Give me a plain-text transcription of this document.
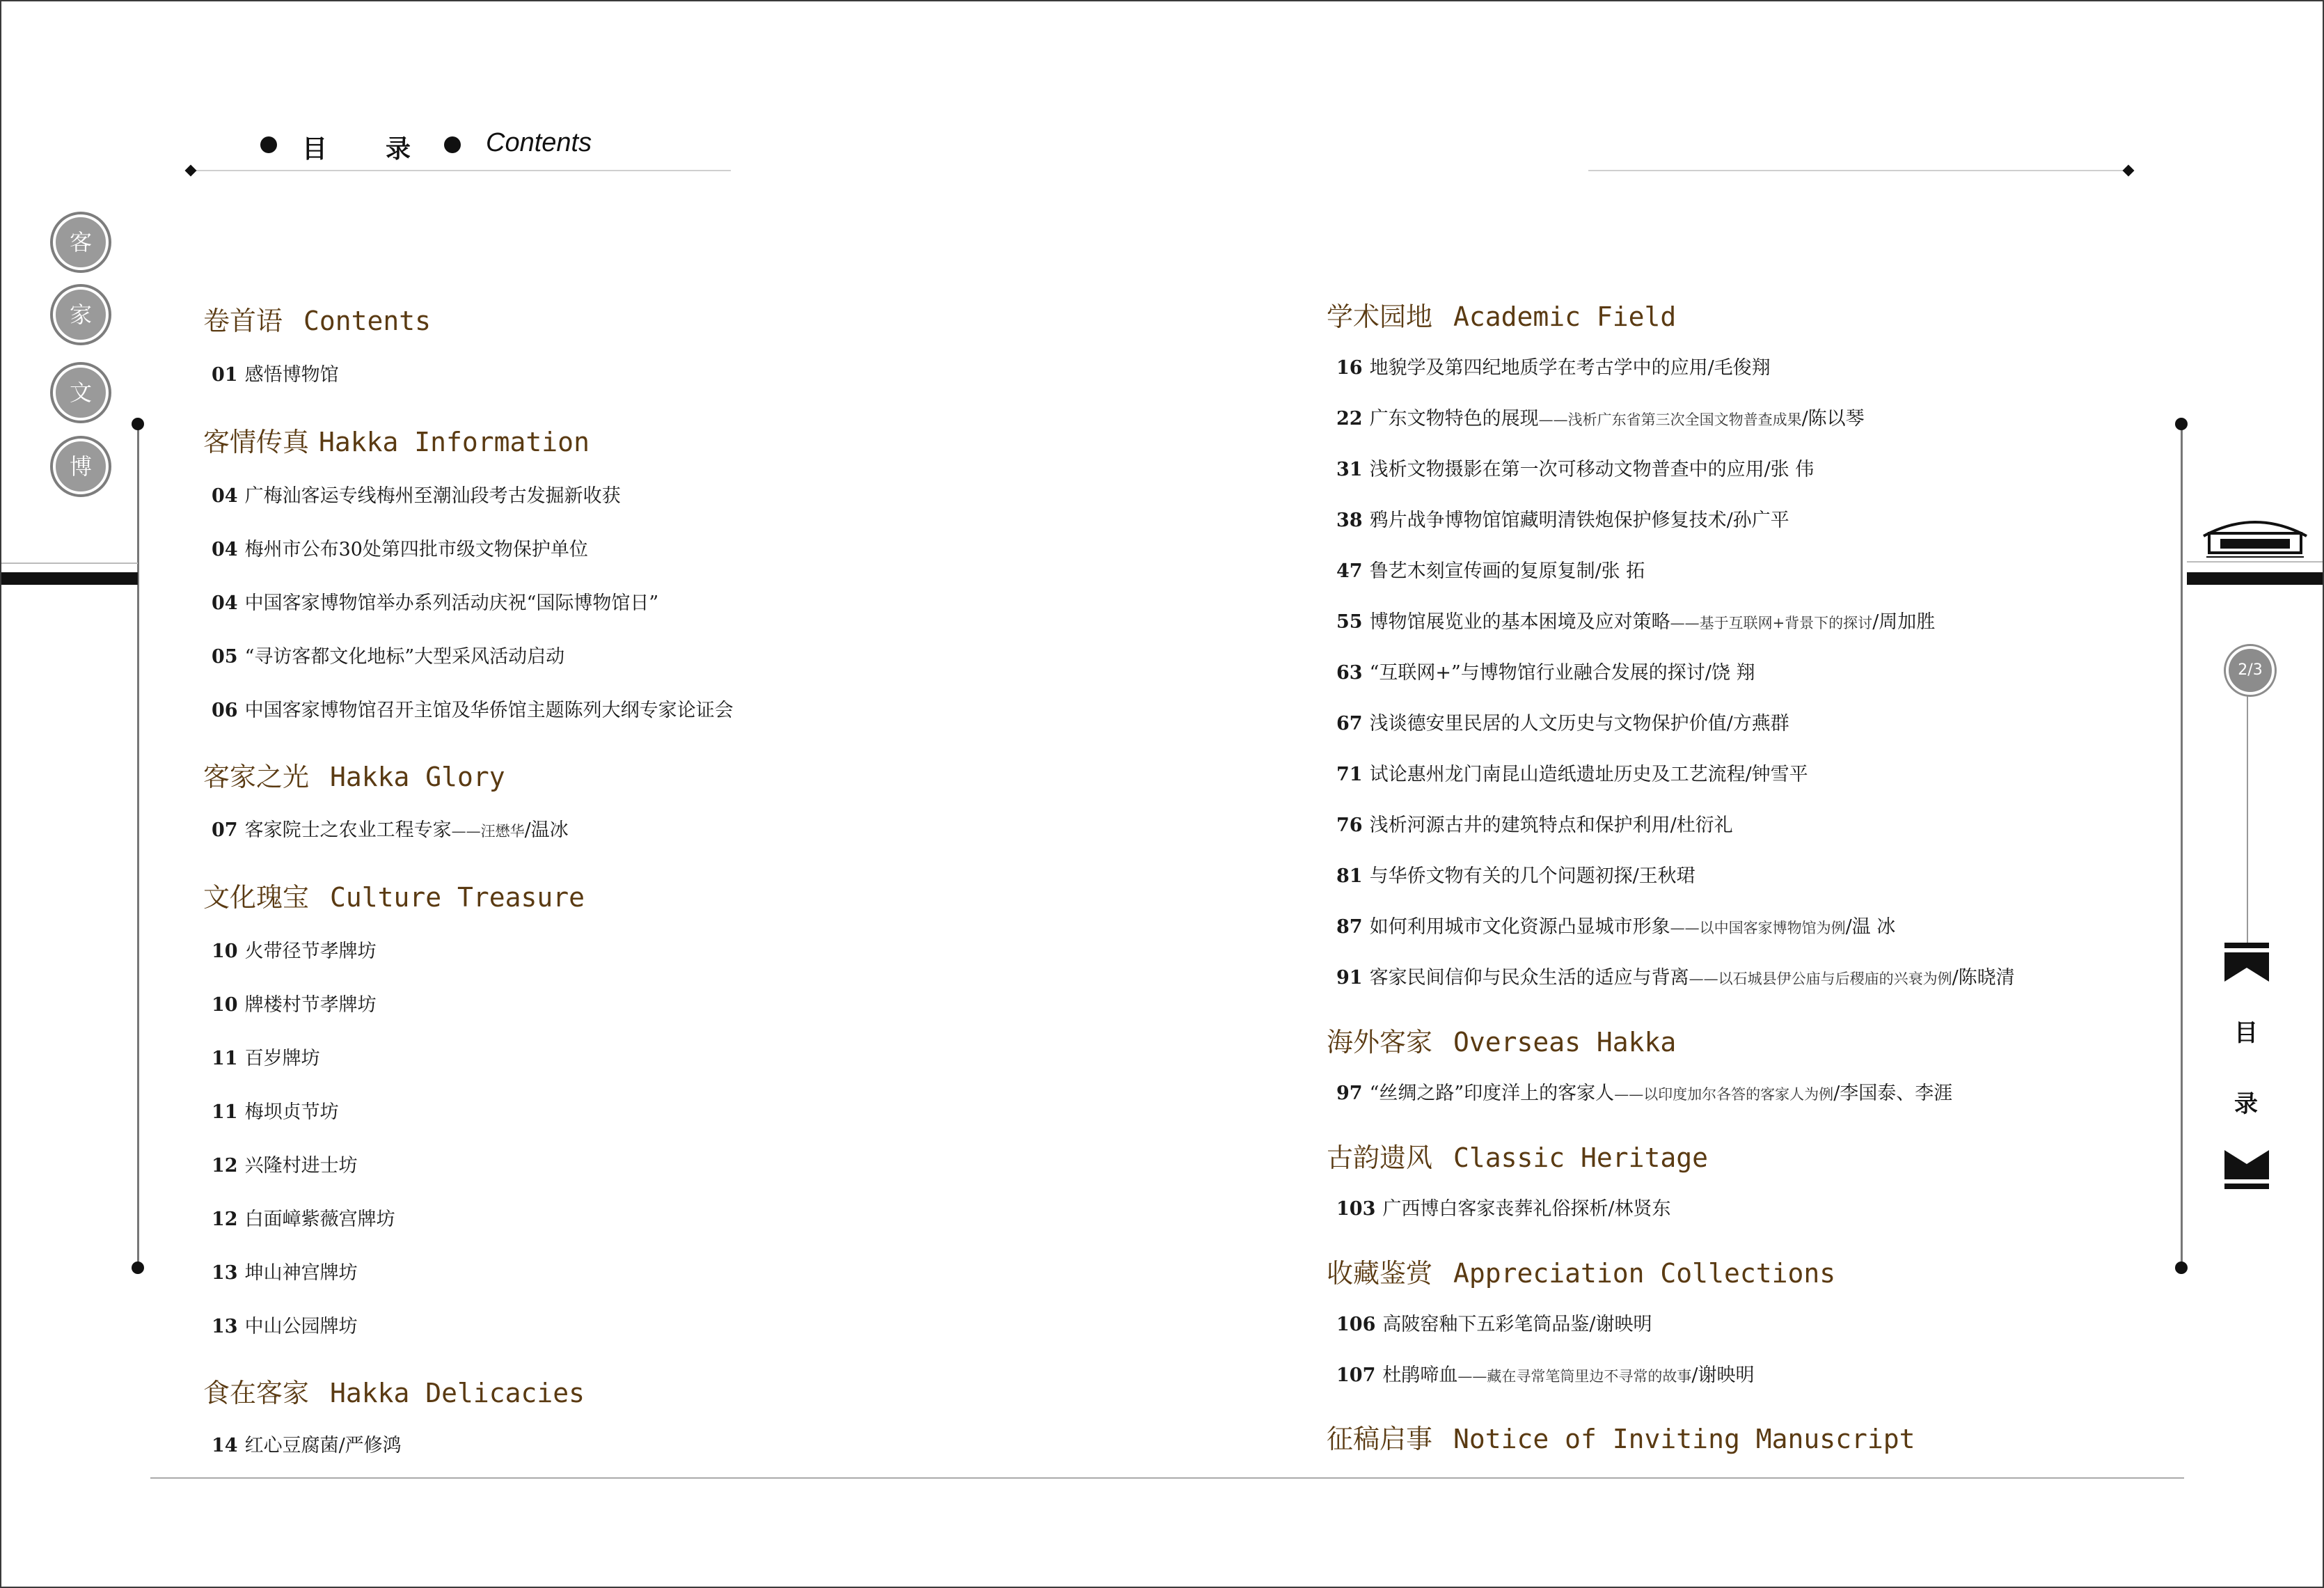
目 录	Contents
客
家
文
博
2/3
目
录
卷首语 Contents
01 感悟博物馆
客情传真 Hakka Information
04 广梅汕客运专线梅州至潮汕段考古发掘新收获
04 梅州市公布30处第四批市级文物保护单位
04 中国客家博物馆举办系列活动庆祝“国际博物馆日”
05 “寻访客都文化地标”大型采风活动启动
06 中国客家博物馆召开主馆及华侨馆主题陈列大纲专家论证会
客家之光 Hakka Glory
07 客家院士之农业工程专家——汪懋华/温冰
文化瑰宝 Culture Treasure
10 火带径节孝牌坊
10 牌楼村节孝牌坊
11 百岁牌坊
11 梅坝贞节坊
12 兴隆村进士坊
12 白面嶂紫薇宫牌坊
13 坤山神宫牌坊
13 中山公园牌坊
食在客家 Hakka Delicacies
14 红心豆腐菌/严修鸿
学术园地 Academic Field
16 地貌学及第四纪地质学在考古学中的应用/毛俊翔
22 广东文物特色的展现——浅析广东省第三次全国文物普查成果/陈以琴
31 浅析文物摄影在第一次可移动文物普查中的应用/张 伟
38 鸦片战争博物馆馆藏明清铁炮保护修复技术/孙广平
47 鲁艺木刻宣传画的复原复制/张 拓
55 博物馆展览业的基本困境及应对策略——基于互联网+背景下的探讨/周加胜
63 “互联网+”与博物馆行业融合发展的探讨/饶 翔
67 浅谈德安里民居的人文历史与文物保护价值/方燕群
71 试论惠州龙门南昆山造纸遗址历史及工艺流程/钟雪平
76 浅析河源古井的建筑特点和保护利用/杜衍礼
81 与华侨文物有关的几个问题初探/王秋珺
87 如何利用城市文化资源凸显城市形象——以中国客家博物馆为例/温 冰
91 客家民间信仰与民众生活的适应与背离——以石城县伊公庙与后稷庙的兴衰为例/陈晓清
海外客家 Overseas Hakka
97 “丝绸之路”印度洋上的客家人——以印度加尔各答的客家人为例/李国泰、李涯
古韵遗风 Classic Heritage
103 广西博白客家丧葬礼俗探析/林贤东
收藏鉴赏 Appreciation Collections
106 高陂窑釉下五彩笔筒品鉴/谢映明
107 杜鹃啼血——藏在寻常笔筒里边不寻常的故事/谢映明
征稿启事 Notice of Inviting Manuscript
